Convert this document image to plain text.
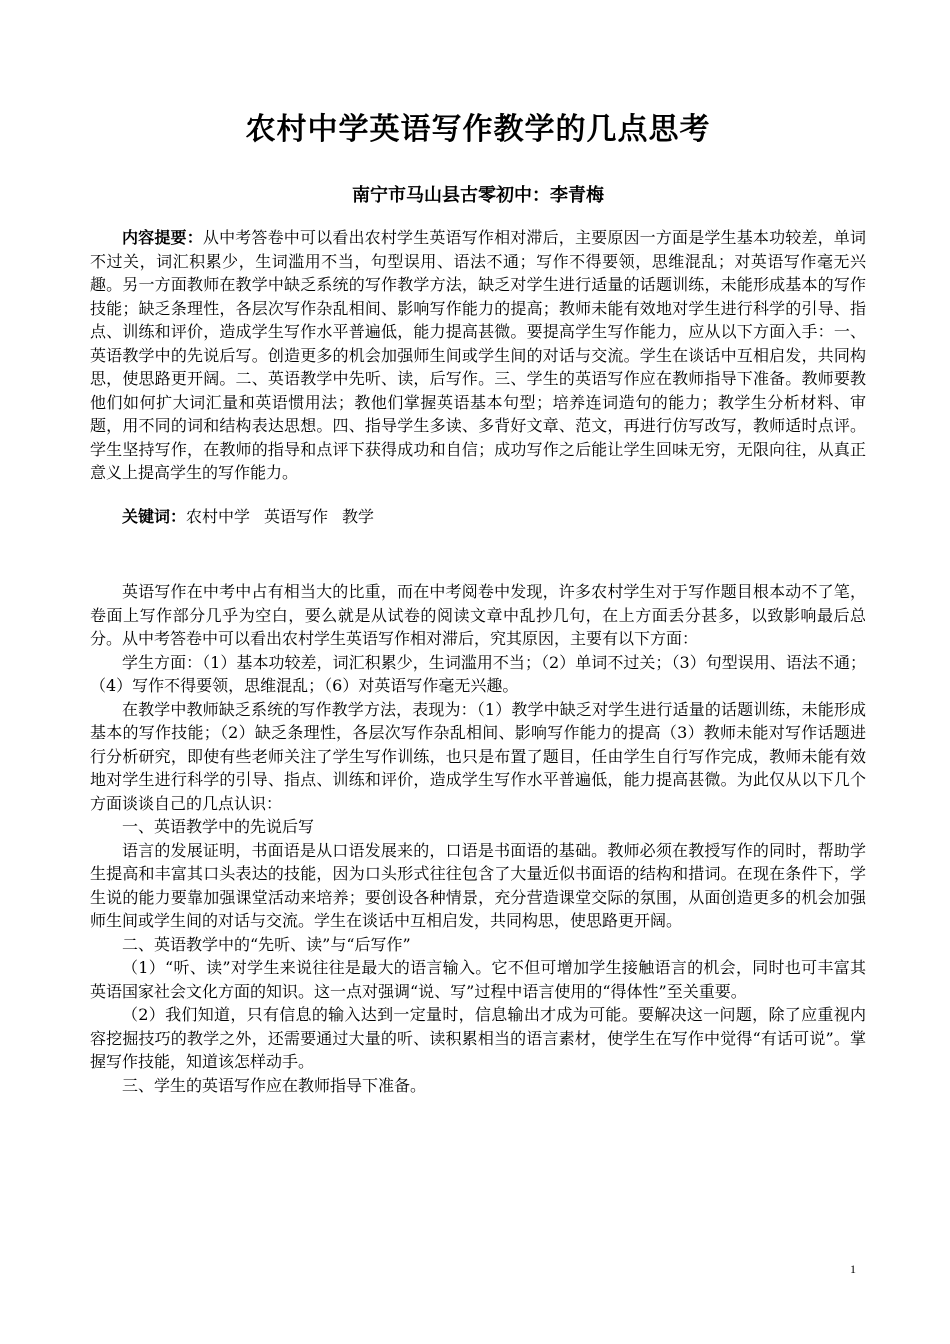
农村中学英语写作教学的几点思考
南宁市马山县古零初中：李青梅

内容提要：从中考答卷中可以看出农村学生英语写作相对滞后，主要原因一方面是学生基本功较差，单词不过关，词汇积累少，生词滥用不当，句型误用、语法不通；写作不得要领，思维混乱；对英语写作毫无兴趣。另一方面教师在教学中缺乏系统的写作教学方法，缺乏对学生进行适量的话题训练，未能形成基本的写作技能；缺乏条理性，各层次写作杂乱相间、影响写作能力的提高；教师未能有效地对学生进行科学的引导、指点、训练和评价，造成学生写作水平普遍低，能力提高甚微。要提高学生写作能力，应从以下方面入手：一、英语教学中的先说后写。创造更多的机会加强师生间或学生间的对话与交流。学生在谈话中互相启发，共同构思，使思路更开阔。二、英语教学中先听、读，后写作。三、学生的英语写作应在教师指导下准备。教师要教他们如何扩大词汇量和英语惯用法；教他们掌握英语基本句型；培养连词造句的能力；教学生分析材料、审题，用不同的词和结构表达思想。四、指导学生多读、多背好文章、范文，再进行仿写改写，教师适时点评。学生坚持写作，在教师的指导和点评下获得成功和自信；成功写作之后能让学生回味无穷，无限向往，从真正意义上提高学生的写作能力。

关键词：农村中学 英语写作 教学

英语写作在中考中占有相当大的比重，而在中考阅卷中发现，许多农村学生对于写作题目根本动不了笔，卷面上写作部分几乎为空白，要么就是从试卷的阅读文章中乱抄几句，在上方面丢分甚多，以致影响最后总分。从中考答卷中可以看出农村学生英语写作相对滞后，究其原因，主要有以下方面：

学生方面：（1）基本功较差，词汇积累少，生词滥用不当；（2）单词不过关；（3）句型误用、语法不通；（4）写作不得要领，思维混乱；（6）对英语写作毫无兴趣。

在教学中教师缺乏系统的写作教学方法，表现为：（1）教学中缺乏对学生进行适量的话题训练，未能形成基本的写作技能；（2）缺乏条理性，各层次写作杂乱相间、影响写作能力的提高（3）教师未能对写作话题进行分析研究，即使有些老师关注了学生写作训练，也只是布置了题目，任由学生自行写作完成，教师未能有效地对学生进行科学的引导、指点、训练和评价，造成学生写作水平普遍低，能力提高甚微。为此仅从以下几个方面谈谈自己的几点认识：

一、英语教学中的先说后写

语言的发展证明，书面语是从口语发展来的，口语是书面语的基础。教师必须在教授写作的同时，帮助学生提高和丰富其口头表达的技能，因为口头形式往往包含了大量近似书面语的结构和措词。在现在条件下，学生说的能力要靠加强课堂活动来培养；要创设各种情景，充分营造课堂交际的氛围，从面创造更多的机会加强师生间或学生间的对话与交流。学生在谈话中互相启发，共同构思，使思路更开阔。

二、英语教学中的“先听、读”与“后写作”

（1）“听、读”对学生来说往往是最大的语言输入。它不但可增加学生接触语言的机会，同时也可丰富其英语国家社会文化方面的知识。这一点对强调“说、写”过程中语言使用的“得体性”至关重要。

（2）我们知道，只有信息的输入达到一定量时，信息输出才成为可能。要解决这一问题，除了应重视内容挖掘技巧的教学之外，还需要通过大量的听、读积累相当的语言素材，使学生在写作中觉得“有话可说”。掌握写作技能，知道该怎样动手。

三、学生的英语写作应在教师指导下准备。

1
